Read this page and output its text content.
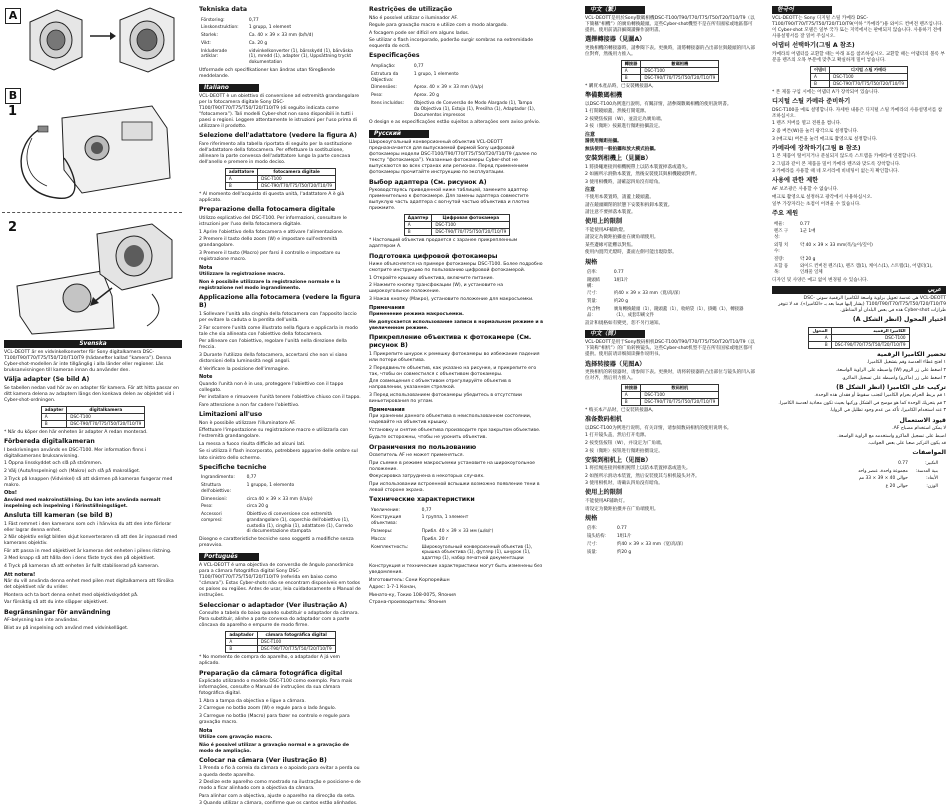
A
B
1
2
Svenska

VCL-DEOTT är en vidvinkelkonverter för Sony digitalkamera DSC-T100/T90/T70/T75/T50/T20/T10/T9 (hädanefter kallad ”kamera”). Denna Cyber-shot-modellen är inte tillgänglig i alla länder eller regioner. Läs bruksanvisningen till kameran innan du använder den.

Välja adapter (Se bild A)

Se tabellen nedan vad hör av en adapter för kamera. För att hitta passar en ditt kamera delena av adaptern längs den konkava delen av objektet vid i Cyber-shot-ordningen.

adapter	digitalkamera
A	DSC-T100
B	DSC-T90/T70/T75/T50/T20/T10/T9

* När du köper den här enheten är adapter A redan monterad.

Förbereda digitalkameran

I beskrivningen används en DSC-T100. Mer information finns i digitalkamerans bruksanvisning.

1 Öppna linsskyddet och slå på strömmen.

2 Välj (Auto/Inspelning) och (Makro) och slå på makroläget.

3 Tryck på knappen (Vidvinkel) så att skärmen på kameran fungerar med makro.

Obs!

Använd med makroinställning. Du kan inte använda normalt inspelning och inspelning i förinställningsläget.

Ansluta till kameran (se bild B)

1 Fäst remmet i den kamerans som och i hänvisa du att den inte förlorar eller lagrar denna enhet.

2 När objektiv enligt bilden skjut konverteraren så att den är inpassad med kamerans objektiv.

För att passa in med objektivet är kameran det enheten i pilens riktning.

3 Med knapp så att hålla den i dens fäste tryck den på objektivet.

4 Tryck på kameran så att enheten är fullt stabiliserad på kameran.

Att notera!

När du vill använda denna enhet med pilen mot digitalkamera att försöka det objektivet när du vrider.

Montera och ta bort denna enhet med objektivskyddet på.

Var försiktig så att du inte släpper objektivet.

Begränsningar för användning

AF-belysning kan inte användas.

Blixt av på inspelning och använd med vidvinkelläget.

Tekniska data
Förstoring:	0,77
Linskonstruktion:	1 grupp, 1 element
Storlek:	Ca. 40 × 39 × 33 mm (b/h/d)
Vikt:	Ca. 20 g
Inkluderade artiklar:	vidvinkelkonverter (1), bärsskydd (1), bärväska (1), mredd (1), adapter (1), Uppsättning tryckt dokumentation

Utformade och specifikationer kan ändras utan föregående meddelande.

Italiano

VCL-DEOTT è un obiettivo di conversione ad estremità grandangolare per la fotocamera digitale Sony DSC-T100/T90/T70/T75/T50/T20/T10/T9 (di seguito indicata come “fotocamera”). Tali modelli Cyber-shot non sono disponibili in tutti i paesi o regioni. Leggere attentamente le istruzioni per l'uso prima di utilizzare il prodotto.

Selezione dell'adattatore (vedere la figura A)

Fare riferimento alla tabella riportata di seguito per la sostituzione dell'adattatore della fotocamera. Per effettuare la sostituzione, allineare la parte convessa dell'adattatore lungo la parte concava dell'anello e premere in modo deciso.

adattatore	fotocamera digitale
A	DSC-T100
B	DSC-T90/T70/T75/T50/T20/T10/T9

* Al momento dell'acquisto di questa unità, l'adattatore A è già applicato.

Preparazione della fotocamera digitale

Utilizzo esplicativo del DSC-T100. Per informazioni, consultare le istruzioni per l'uso della fotocamera digitale.

1 Aprire l'obiettivo della fotocamera e attivare l'alimentazione.

2 Premere il tasto dello zoom (W) e impostare sull'estremità grandangolare.

3 Premere il tasto (Macro) per farsi il controllo e impostare su registrazione macro.

Nota

Utilizzare la registrazione macro.

Non è possibile utilizzare la registrazione normale e la registrazione nel modo ingrandimento.

Applicazione alla fotocamera (vedere la figura B)

1 Sollevare l'unità alla cinghia della fotocamera con l'apposito laccio per evitare la caduta o la perdita dell'unità.

2 Far scorrere l'unità come illustrato nella figura e applicarla in modo tale che sia allineata con l'obiettivo della fotocamera.

Per allineare con l'obiettivo, regolare l'unità nella direzione della freccia.

3 Durante l'utilizzo della fotocamera, accertarsi che non vi siano distorsioni della luminosità negli angoli.

4 Verificare la posizione dell'immagine.

Note

Quando l'unità non è in uso, proteggere l'obiettivo con il tappo collegato.

Per installare e rimuovere l'unità tenere l'obiettivo chiuso con il tappo.

Fare attenzione a non far cadere l'obiettivo.

Limitazioni all'uso

Non è possibile utilizzare l'illuminatore AF.

Effettuare l'impostazione su registrazione macro e utilizzarla con l'estremità grandangolare.

La messa a fuoco risulta difficile ad alcuni lati.

Se si utilizza il flash incorporato, potrebbero apparire delle ombre sul lato sinistro dello schermo.

Specifiche tecniche
Ingrandimento:	0,77
Struttura dell'obiettivo:	1 gruppo, 1 elemento
Dimensioni:	circa 40 × 39 × 33 mm (l/a/p)
Peso:	circa 20 g
Accessori compresi:	Obiettivo di conversione con estremità grandangolare (1), coperchio dell'obiettivo (1), custodia (1), cinghia (1), adattatore (1), Corredo di documentazione stampata

Disegno e caratteristiche tecniche sono soggetti a modifiche senza preavviso.

Português

A VCL-DEOTT é uma objectiva de conversão de ângulo panorâmico para a câmara fotográfica digital Sony DSC-T100/T90/T70/T75/T50/T20/T10/T9 (referida em baixo como “câmara”). Estas Cyber-shots não se encontram disponíveis em todos os países ou regiões. Antes de usar, leia cuidadosamente o Manual de instruções.

Seleccionar o adaptador (Ver ilustração A)

Consulte a tabela do baixo quando substituir o adaptador da câmara. Para substituir, alinhe a parte convexa do adaptador com a parte côncava do aparelho e empurre de modo firme.

adaptador	câmara fotográfica digital
A	DSC-T100
B	DSC-T90/T70/T75/T50/T20/T10/T9

* No momento de compra do aparelho, o adaptador A já vem aplicado.

Preparação da câmara fotográfica digital

Explicado utilizando o modelo DSC-T100 como exemplo. Para mais informações, consulte o Manual de instruções da sua câmara fotográfica digital.

1 Abra a tampa da objectiva e ligue a câmara.

2 Carregue no botão zoom (W) e regule para o lado ângulo.

3 Carregue no botão (Macro) para fazer no controlo e regule para gravação macro.

Nota

Utilize com gravação macro.

Não é possível utilizar a gravação normal e a gravação de modo de ampliação.

Colocar na câmara (Ver ilustração B)

1 Prenda o fio à correia da câmara e o apoiado para evitar a perda ou a queda deste aparelho.

2 Deslize este aparelho como mostrado na ilustração e posicione-o de modo a ficar alinhado com a objectiva da câmara.

Para alinhar com a objectiva, ajuste o aparelho na direcção da seta.

3 Quando utilizar a câmara, confirme que os cantos estão alinhados.

Restrições de utilização

Não é possível utilizar o iluminador AF.

Regule para gravação macro e utilize com o modo alargado.

A focagem pode ser difícil em alguns lados.

Se utilizar o flash incorporado, poderão surgir sombras na extremidade esquerda do ecrã.

Especificações
Ampliação:	0,77
Estrutura da Objectiva:	1 grupo, 1 elemento
Dimensões:	Aprox. 40 × 39 × 33 mm (l/a/p)
Peso:	Aprox. 20 g
Itens incluídos:	Objectiva de Conversão de Modo Alargado (1), Tampa da Objectiva (1), Estojo (1), Presilha (1), Adaptador (1), Documentos impressos

O design e as especificações estão sujeitos a alterações sem aviso prévio.

Русский

Широкоугольный конверсионный объектив VCL-DEOTT предназначается для выпускаемой фирмой Sony цифровой фотокамеры модели DSC-T100/T90/T70/T75/T50/T20/T10/T9 (далее по тексту “фотокамера”). Указанные фотокамеры Cyber-shot не выпускаются во всех странах или регионах. Перед применением фотокамеры прочитайте инструкцию по эксплуатации.

Выбор адаптера (См. рисунок A)

Руководствуясь приведенной ниже таблицей, замените адаптер применительно к фотокамере. Для замены адаптера совместите выпуклую часть адаптера с вогнутой частью объектива и плотно прижмите.

Адаптер	Цифровая фотокамера
A	DSC-T100
B	DSC-T90/T70/T75/T50/T20/T10/T9

* Настоящий объектив продается с заранее прикрепленным адаптером A.

Подготовка цифровой фотокамеры

Ниже объясняется на примере фотокамеры DSC-T100. Более подробно смотрите инструкцию по пользованию цифровой фотокамерой.

1 Откройте крышку объектива, включите питание.

2 Нажмите кнопку трансфокации (W), и установите на широкоугольное положение.

3 Нажав кнопку (Макро), установите положение для макросъемки.

Примечания

Применение режима макросъемки.

Не допускается использование записи в нормальном режиме и в увеличенном режиме.

Прикрепление объектива к фотокамере (См. рисунок B)

1 Прикрепите шнурок к ремешку фотокамеры во избежание падения или потери объектива.

2 Передвиньте объектив, как указано на рисунке, и прикрепите его так, чтобы он совместился с объективом фотокамеры.

Для совмещения с объективом отрегулируйте объектив в направлении, указанном стрелкой.

3 Перед использованием фотокамеры убедитесь в отсутствии виньетирования по углам.

Примечания

При хранении данного объектива в неиспользованном состоянии, надевайте на объектив крышку.

Установку и снятие объектива производите при закрытом объективе.

Будьте осторожны, чтобы не уронить объектив.

Ограничения по пользованию

Осветитель AF не может применяться.

При съемке в режиме макросъемки установите на широкоугольное положение.

Фокусировка затруднена в некоторых случаях.

При использовании встроенной вспышки возможно появление тени в левой стороне экрана.

Технические характеристики
Увеличение:	0,77
Конструкция объектива:	1 группа, 1 элемент
Размеры:	Прибл. 40 × 39 × 33 мм (ш/в/г)
Масса:	Прибл. 20 г
Комплектность:	Широкоугольный конверсионный объектив (1), крышка объектива (1), футляр (1), шнурок (1), адаптер (1), набор печатной документации

Конструкция и технические характеристики могут быть изменены без уведомления.

Изготовитель: Сони Корпорейшн

Адрес: 1-7-1 Конан,

Минато-ку, Токио 108-0075, Япония

Страна-производитель: Япония

中文（繁）

VCL-DEOTT是用於Sony數碼相機DSC-T100/T90/T70/T75/T50/T20/T10/T9（以下簡稱“相機”）的廣角轉換鏡頭。這些Cyber-shot機型不是在所有國家或地區都可提供。使用前請詳細閱讀操作說明書。

選擇轉接器（見圖A）

更換相機的轉接器時，請參閱下表。更換時，請將轉接器的凸出部位與鏡頭的凹入部位對齊，然後用力推入。

轉接器	數碼相機
A	DSC-T100
B	DSC-T90/T70/T75/T50/T20/T10/T9

* 購買本產品時，已安裝轉接器A。

準備數碼相機

以DSC-T100為例進行說明。有關詳情，請參閱數碼相機的使用說明書。

1 打開鏡頭蓋，然後打開電源。

2 按變焦按鈕（W），並設定為廣角端。

3 按（微距）按鈕進行微距拍攝設定。

注意

請使用微距拍攝。

無法使用一般拍攝和放大模式拍攝。

安裝到相機上（見圖B）

1 將掛繩連接到相機腕帶上以防本裝置掉落或遺失。

2 如圖所示滑動本裝置，然後安裝使其與相機鏡頭對齊。

3 使用相機時，請確認四角沒有暗角。

注意

不使用本裝置時，請蓋上鏡頭蓋。

請在鏡頭關閉的狀態下安裝和拆卸本裝置。

請注意不要掉落本裝置。

使用上的限制

不能使用AF輔助燈。

請設定為微距拍攝並在廣角端使用。

某些邊緣可能難以對焦。

使用內置閃光燈時，畫面左側可能出現陰影。

規格
倍率：	0.77
鏡頭結構：	1組1片
尺寸：	約40 × 39 × 33 mm（寬/高/深）
質量：	約20 g
內含物品：	廣角轉換鏡頭（1），鏡頭蓋（1），收納袋（1），掛繩（1），轉接器（1），成套印刷文件

設計和規格如有變更，恕不另行通知。

中文（简）

VCL-DEOTT是用于Sony数码相机DSC-T100/T90/T70/T75/T50/T20/T10/T9（以下简称“相机”）的广角转换镜头。这些Cyber-shot机型不是在所有国家或地区都可提供。使用前请详细阅读操作说明书。

选择转接器（见图A）

更换相机的转接器时，请参阅下表。更换时，请将转接器的凸出部位与镜头的凹入部位对齐，然后用力推入。

转接器	数码相机
A	DSC-T100
B	DSC-T90/T70/T75/T50/T20/T10/T9

* 购买本产品时，已安装转接器A。

准备数码相机

以DSC-T100为例进行说明。有关详情，请参阅数码相机的使用说明书。

1 打开镜头盖，然后打开电源。

2 按变焦按钮（W），并设定为广角端。

3 按（微距）按钮进行微距拍摄设定。

安装到相机上（见图B）

1 将挂绳连接到相机腕带上以防本装置掉落或遗失。

2 如图所示滑动本装置，然后安装使其与相机镜头对齐。

3 使用相机时，请确认四角没有暗角。

使用上的限制

不能使用AF辅助灯。

请设定为微距拍摄并在广角端使用。

规格
倍率：	0.77
镜头结构：	1组1片
尺寸：	约40 × 39 × 33 mm（宽/高/深）
质量：	约20 g
한국어

VCL-DEOTT는 Sony 디지털 스틸 카메라 DSC-T100/T90/T70/T75/T50/T20/T10/T9(이하 “카메라”)용 와이드 컨버전 렌즈입니다. 이 Cyber-shot 모델은 일부 국가 또는 지역에서는 판매되지 않습니다. 사용하기 전에 사용설명서를 잘 읽어 주십시오.

어댑터 선택하기(그림 A 참조)

카메라의 어댑터를 교환할 때는 아래 표를 참조하십시오. 교환할 때는 어댑터의 볼록 부분을 렌즈의 오목 부분에 맞추고 확실하게 밀어 넣습니다.

어댑터	디지털 스틸 카메라
A	DSC-T100
B	DSC-T90/T70/T75/T50/T20/T10/T9

* 본 제품 구입 시에는 어댑터 A가 장착되어 있습니다.

디지털 스틸 카메라 준비하기

DSC-T100을 예로 설명합니다. 자세한 내용은 디지털 스틸 카메라의 사용설명서를 참조하십시오.

1 렌즈 커버를 열고 전원을 켭니다.

2 줌 버튼(W)을 눌러 광각으로 설정합니다.

3 (매크로) 버튼을 눌러 매크로 촬영으로 설정합니다.

카메라에 장착하기(그림 B 참조)

1 본 제품이 떨어지거나 분실되지 않도록 스트랩을 카메라에 연결합니다.

2 그림과 같이 본 제품을 밀어 카메라 렌즈와 맞도록 장착합니다.

3 카메라를 사용할 때 네 모서리에 비네팅이 없는지 확인합니다.

사용에 관한 제한

AF 보조광은 사용할 수 없습니다.

매크로 촬영으로 설정하고 광각에서 사용하십시오.

일부 가장자리는 초점이 어려울 수 있습니다.

주요 제원
배율:	0.77
렌즈 구성:	1군 1매
외형 치수:	약 40 × 39 × 33 mm(폭/높이/깊이)
질량:	약 20 g
포함 품목:	와이드 컨버전 렌즈(1), 렌즈 캡(1), 케이스(1), 스트랩(1), 어댑터(1), 인쇄물 일체

디자인 및 사양은 예고 없이 변경될 수 있습니다.

عربي

VCL-DEOTT هي عدسة تحويل بزاوية واسعة للكاميرا الرقمية سوني DSC-T100/T90/T70/T75/T50/T20/T10/T9 (يشار إليها فيما بعد بـ «الكاميرا»). قد لا تتوفر طرازات Cyber-shot هذه في بعض البلدان أو المناطق.

اختيار المحول (انظر الشكل A)
الكاميرا الرقمية	المحول
DSC-T100	A
DSC-T90/T70/T75/T50/T20/T10/T9	B
تحضير الكاميرا الرقمية

١ افتح غطاء العدسة وقم بتشغيل الكاميرا.

٢ اضغط على زر الزوم (W) واضبطه على الزاوية الواسعة.

٣ اضغط على زر (ماكرو) واضبطه على تسجيل الماكرو.

تركيب على الكاميرا (انظر الشكل B)

١ قم بربط الحزام بحزام الكاميرا لتجنب سقوط أو فقدان هذه الوحدة.

٢ قم بتحريك الوحدة كما هو موضح في الشكل وركبها بحيث تكون محاذية لعدسة الكاميرا.

٣ عند استخدام الكاميرا، تأكد من عدم وجود تظليل في الزوايا.

قيود الاستعمال

لا يمكن استخدام مصباح AF.

اضبط على تسجيل الماكرو واستخدمه مع الزاوية الواسعة.

قد يكون التركيز صعبا على بعض الجوانب.

المواصفات
التكبير:	0.77
بنية العدسة:	مجموعة واحدة، عنصر واحد
الأبعاد:	حوالي 40 × 39 × 33 مم
الوزن:	حوالي 20 غ
